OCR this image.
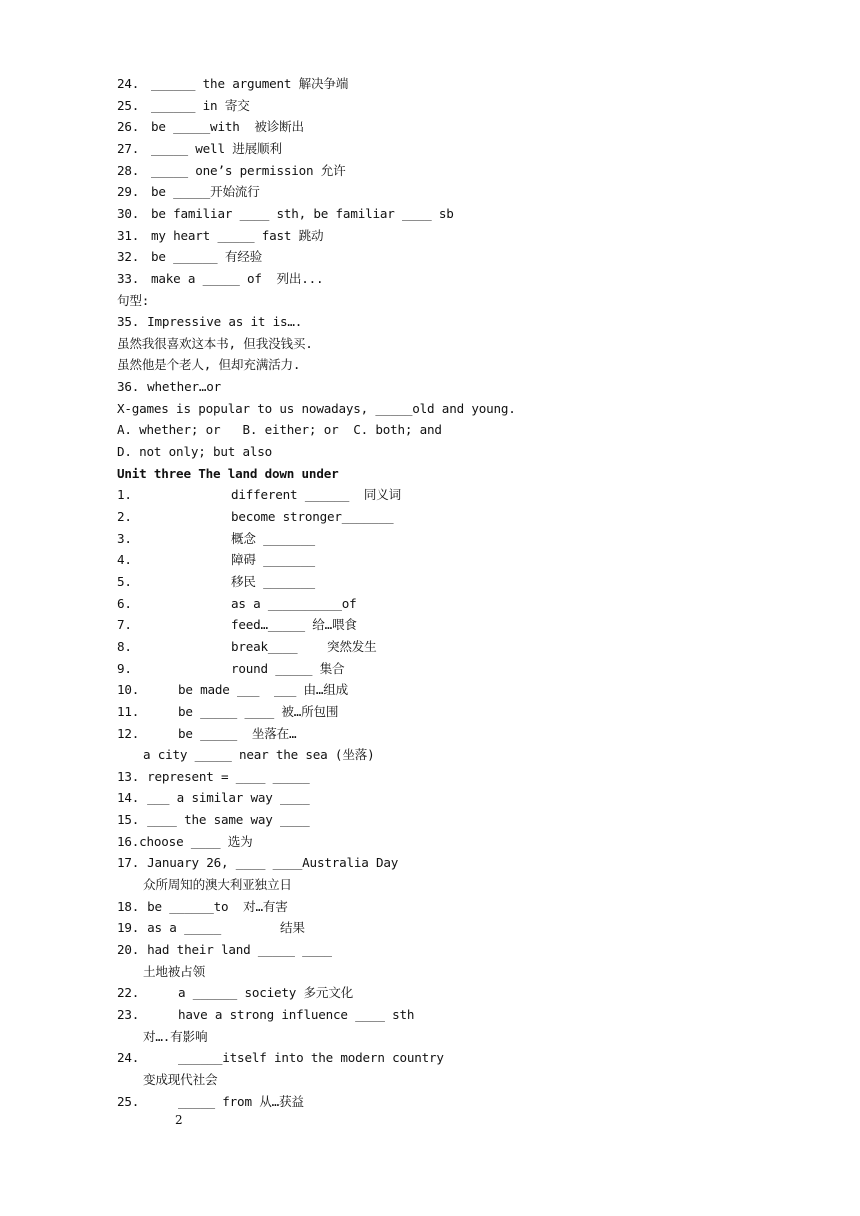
24. ______ the argument 解决争端
25. ______ in 寄交
26. be _____with  被诊断出
27. _____ well 进展顺利
28. _____ one’s permission 允许
29. be _____开始流行
30. be familiar ____ sth, be familiar ____ sb
31. my heart _____ fast 跳动
32. be ______ 有经验
33. make a _____ of  列出...
句型:
35. Impressive as it is….
虽然我很喜欢这本书, 但我没钱买.
虽然他是个老人, 但却充满活力.
36. whether…or
X-games is popular to us nowadays, _____old and young.
A. whether; or   B. either; or  C. both; and
D. not only; but also
Unit three The land down under
1.	different ______  同义词
2.	become stronger_______
3.	概念 _______
4.	障碍 _______
5.	移民 _______
6.	as a __________of
7.	feed…_____ 给…喂食
8.	break____    突然发生
9.	round _____ 集合
10.	be made ___  ___ 由…组成
11.	be _____ ____ 被…所包围
12.	be _____  坐落在…
a city _____ near the sea (坐落)
13. represent = ____ _____
14. ___ a similar way ____
15. ____ the same way ____
16.choose ____ 选为
17. January 26, ____ ____Australia Day
众所周知的澳大利亚独立日
18. be ______to  对…有害
19. as a _____        结果
20. had their land _____ ____
土地被占领
22.	a ______ society 多元文化
23.	have a strong influence ____ sth
对….有影响
24.	______itself into the modern country
变成现代社会
25.	_____ from 从…获益
2
